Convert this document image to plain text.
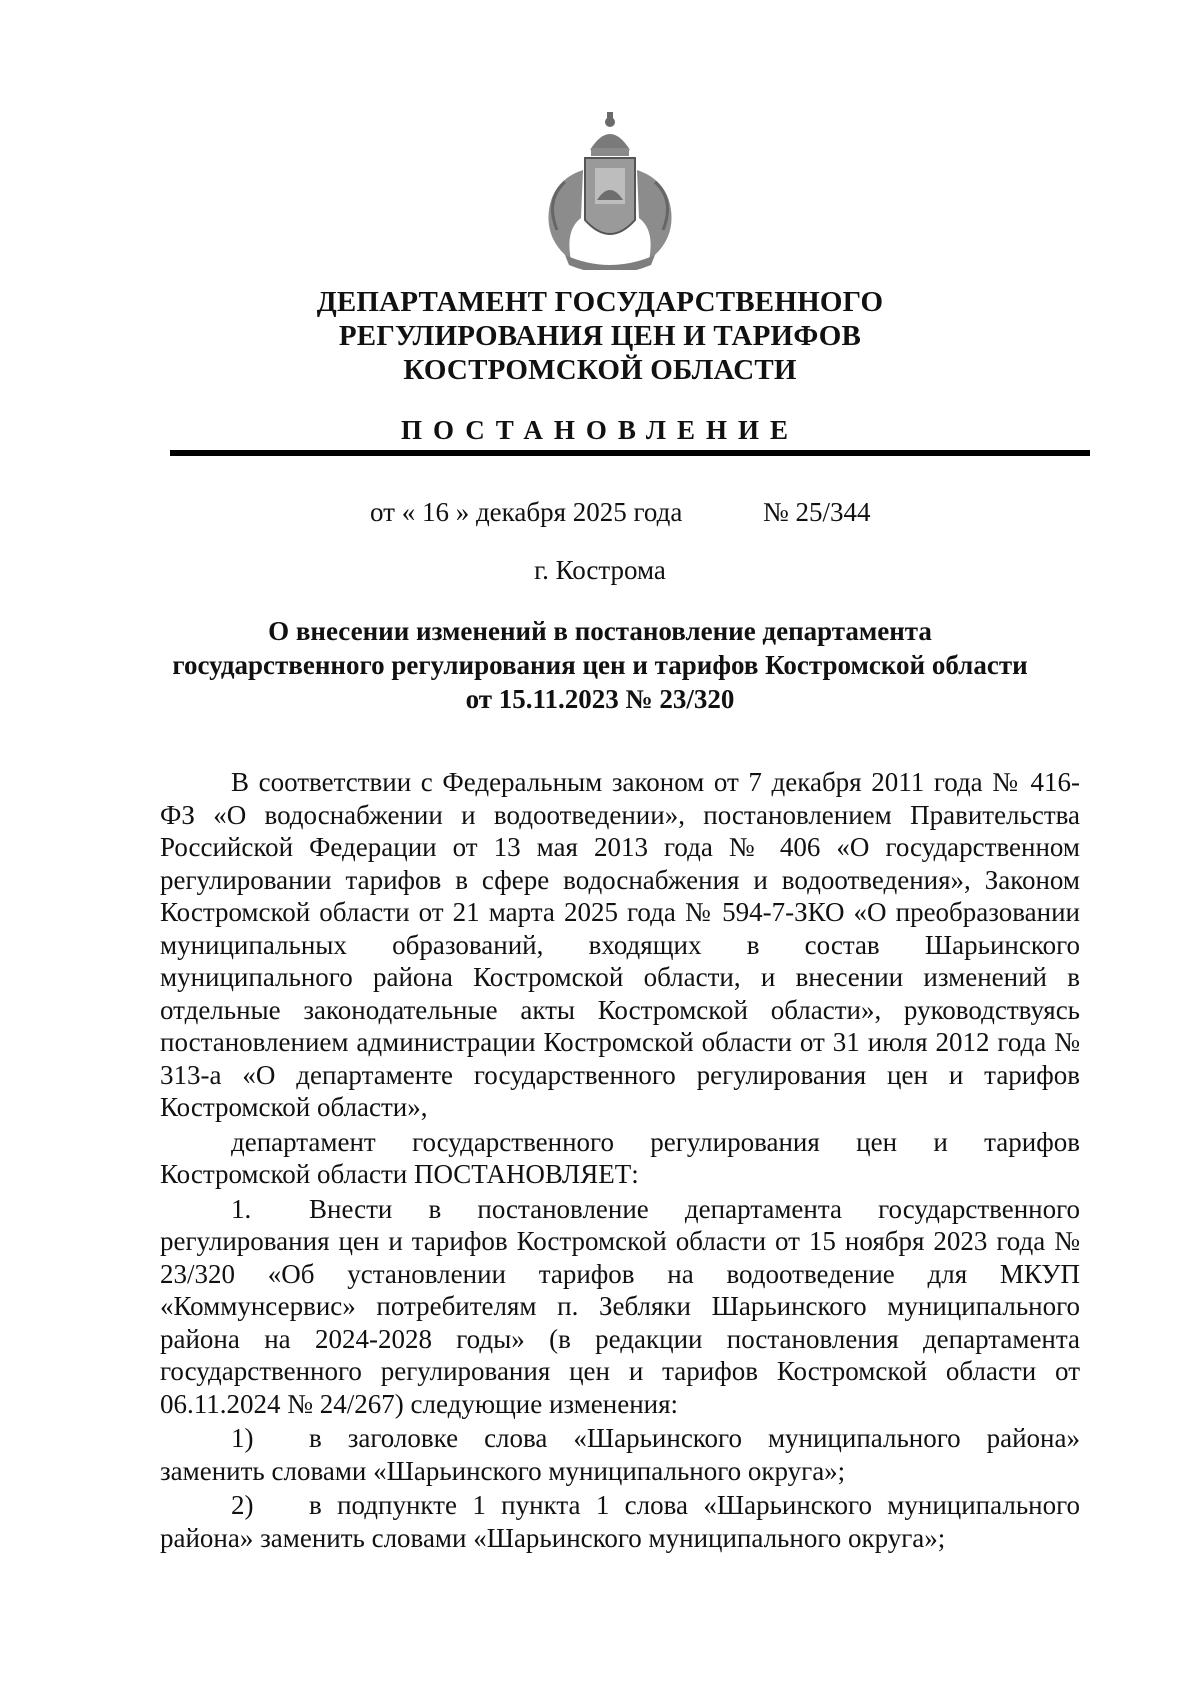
ДЕПАРТАМЕНТ ГОСУДАРСТВЕННОГО
РЕГУЛИРОВАНИЯ ЦЕН И ТАРИФОВ
КОСТРОМСКОЙ ОБЛАСТИ
ПОСТАНОВЛЕНИЕ
от « 16 » декабря 2025 года	№ 25/344
г. Кострома
О внесении изменений в постановление департамента
государственного регулирования цен и тарифов Костромской области
от 15.11.2023 № 23/320

В соответствии с Федеральным законом от 7 декабря 2011 года № 416-ФЗ «О водоснабжении и водоотведении», постановлением Правительства Российской Федерации от 13 мая 2013 года № 406 «О государственном регулировании тарифов в сфере водоснабжения и водоотведения», Законом Костромской области от 21 марта 2025 года № 594-7-ЗКО «О преобразовании муниципальных образований, входящих в состав Шарьинского муниципального района Костромской области, и внесении изменений в отдельные законодательные акты Костромской области», руководствуясь постановлением администрации Костромской области от 31 июля 2012 года № 313-а «О департаменте государственного регулирования цен и тарифов Костромской области»,

департамент государственного регулирования цен и тарифов Костромской области ПОСТАНОВЛЯЕТ:

1. Внести в постановление департамента государственного регулирования цен и тарифов Костромской области от 15 ноября 2023 года № 23/320 «Об установлении тарифов на водоотведение для МКУП «Коммунсервис» потребителям п. Зебляки Шарьинского муниципального района на 2024-2028 годы» (в редакции постановления департамента государственного регулирования цен и тарифов Костромской области от 06.11.2024 № 24/267) следующие изменения:

1) в заголовке слова «Шарьинского муниципального района» заменить словами «Шарьинского муниципального округа»;

2) в подпункте 1 пункта 1 слова «Шарьинского муниципального района» заменить словами «Шарьинского муниципального округа»;
